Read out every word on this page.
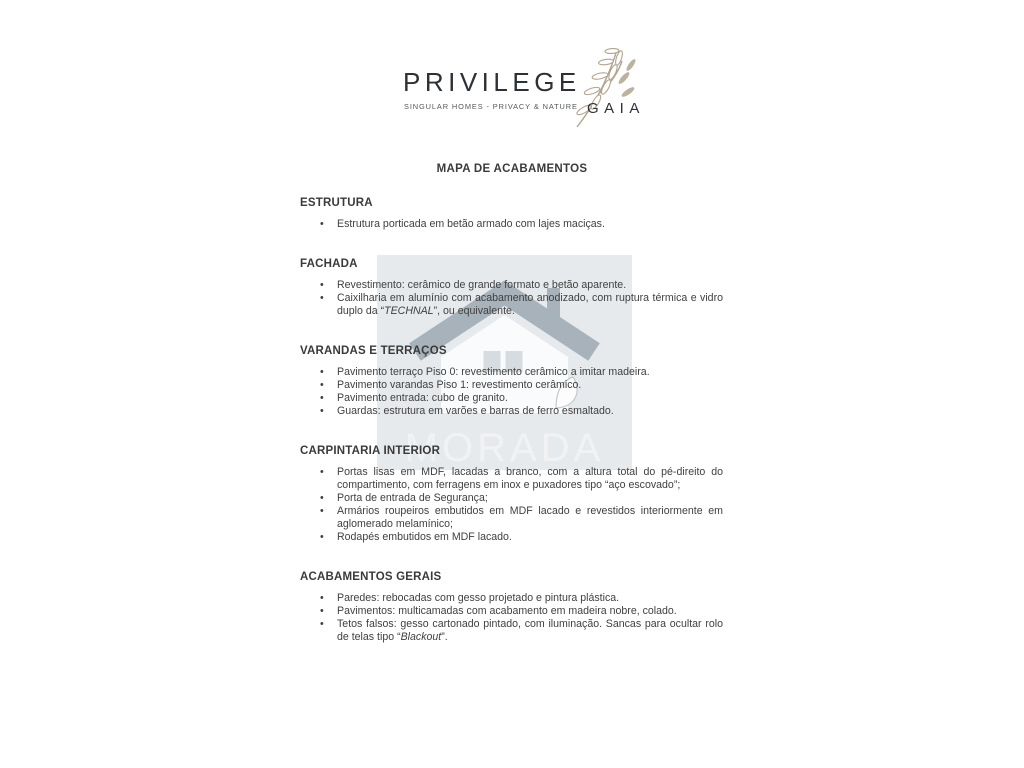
MORADA
PRIVILEGE
SINGULAR HOMES - PRIVACY & NATURE GAIA
MAPA DE ACABAMENTOS
ESTRUTURA
• Estrutura porticada em betão armado com lajes maciças.
FACHADA
• Revestimento: cerâmico de grande formato e betão aparente.
• Caixilharia em alumínio com acabamento anodizado, com ruptura térmica e vidro duplo da “TECHNAL”, ou equivalente.
VARANDAS E TERRAÇOS
• Pavimento terraço Piso 0: revestimento cerâmico a imitar madeira.
• Pavimento varandas Piso 1: revestimento cerâmico.
• Pavimento entrada: cubo de granito.
• Guardas: estrutura em varões e barras de ferro esmaltado.
CARPINTARIA INTERIOR
• Portas lisas em MDF, lacadas a branco, com a altura total do pé-direito do compartimento, com ferragens em inox e puxadores tipo “aço escovado”;
• Porta de entrada de Segurança;
• Armários roupeiros embutidos em MDF lacado e revestidos interiormente em aglomerado melamínico;
• Rodapés embutidos em MDF lacado.
ACABAMENTOS GERAIS
• Paredes: rebocadas com gesso projetado e pintura plástica.
• Pavimentos: multicamadas com acabamento em madeira nobre, colado.
• Tetos falsos: gesso cartonado pintado, com iluminação. Sancas para ocultar rolo de telas tipo “Blackout”.
